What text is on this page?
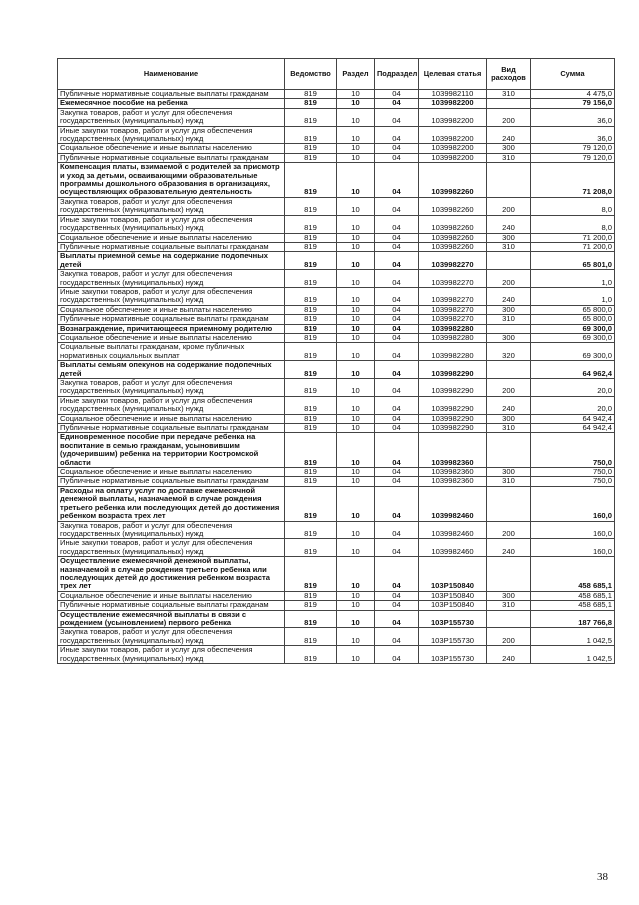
Наименование	Ведомство	Раздел	Подраздел	Целевая статья	Вид расходов	Сумма
Публичные нормативные социальные выплаты гражданам	819	10	04	1039982110	310	4 475,0
Ежемесячное пособие на ребенка	819	10	04	1039982200		79 156,0
Закупка товаров, работ и услуг для обеспечения государственных (муниципальных) нужд	819	10	04	1039982200	200	36,0
Иные закупки товаров, работ и услуг для обеспечения государственных (муниципальных) нужд	819	10	04	1039982200	240	36,0
Социальное обеспечение и иные выплаты населению	819	10	04	1039982200	300	79 120,0
Публичные нормативные социальные выплаты гражданам	819	10	04	1039982200	310	79 120,0
Компенсация платы, взимаемой с родителей за присмотр и уход за детьми, осваивающими образовательные программы дошкольного образования в организациях, осуществляющих образовательную деятельность	819	10	04	1039982260		71 208,0
Закупка товаров, работ и услуг для обеспечения государственных (муниципальных) нужд	819	10	04	1039982260	200	8,0
Иные закупки товаров, работ и услуг для обеспечения государственных (муниципальных) нужд	819	10	04	1039982260	240	8,0
Социальное обеспечение и иные выплаты населению	819	10	04	1039982260	300	71 200,0
Публичные нормативные социальные выплаты гражданам	819	10	04	1039982260	310	71 200,0
Выплаты приемной семье на содержание подопечных детей	819	10	04	1039982270		65 801,0
Закупка товаров, работ и услуг для обеспечения государственных (муниципальных) нужд	819	10	04	1039982270	200	1,0
Иные закупки товаров, работ и услуг для обеспечения государственных (муниципальных) нужд	819	10	04	1039982270	240	1,0
Социальное обеспечение и иные выплаты населению	819	10	04	1039982270	300	65 800,0
Публичные нормативные социальные выплаты гражданам	819	10	04	1039982270	310	65 800,0
Вознаграждение, причитающееся приемному родителю	819	10	04	1039982280		69 300,0
Социальное обеспечение и иные выплаты населению	819	10	04	1039982280	300	69 300,0
Социальные выплаты гражданам, кроме публичных нормативных социальных выплат	819	10	04	1039982280	320	69 300,0
Выплаты семьям опекунов на содержание подопечных детей	819	10	04	1039982290		64 962,4
Закупка товаров, работ и услуг для обеспечения государственных (муниципальных) нужд	819	10	04	1039982290	200	20,0
Иные закупки товаров, работ и услуг для обеспечения государственных (муниципальных) нужд	819	10	04	1039982290	240	20,0
Социальное обеспечение и иные выплаты населению	819	10	04	1039982290	300	64 942,4
Публичные нормативные социальные выплаты гражданам	819	10	04	1039982290	310	64 942,4
Единовременное пособие при передаче ребенка на воспитание в семью гражданам, усыновившим (удочерившим) ребенка на территории Костромской области	819	10	04	1039982360		750,0
Социальное обеспечение и иные выплаты населению	819	10	04	1039982360	300	750,0
Публичные нормативные социальные выплаты гражданам	819	10	04	1039982360	310	750,0
Расходы на оплату услуг по доставке ежемесячной денежной выплаты, назначаемой в случае рождения третьего ребенка или последующих детей до достижения ребенком возраста трех лет	819	10	04	1039982460		160,0
Закупка товаров, работ и услуг для обеспечения государственных (муниципальных) нужд	819	10	04	1039982460	200	160,0
Иные закупки товаров, работ и услуг для обеспечения государственных (муниципальных) нужд	819	10	04	1039982460	240	160,0
Осуществление ежемесячной денежной выплаты, назначаемой в случае рождения третьего ребенка или последующих детей до достижения ребенком возраста трех лет	819	10	04	103P150840		458 685,1
Социальное обеспечение и иные выплаты населению	819	10	04	103P150840	300	458 685,1
Публичные нормативные социальные выплаты гражданам	819	10	04	103P150840	310	458 685,1
Осуществление ежемесячной выплаты в связи с рождением (усыновлением) первого ребенка	819	10	04	103P155730		187 766,8
Закупка товаров, работ и услуг для обеспечения государственных (муниципальных) нужд	819	10	04	103P155730	200	1 042,5
Иные закупки товаров, работ и услуг для обеспечения государственных (муниципальных) нужд	819	10	04	103P155730	240	1 042,5
38
